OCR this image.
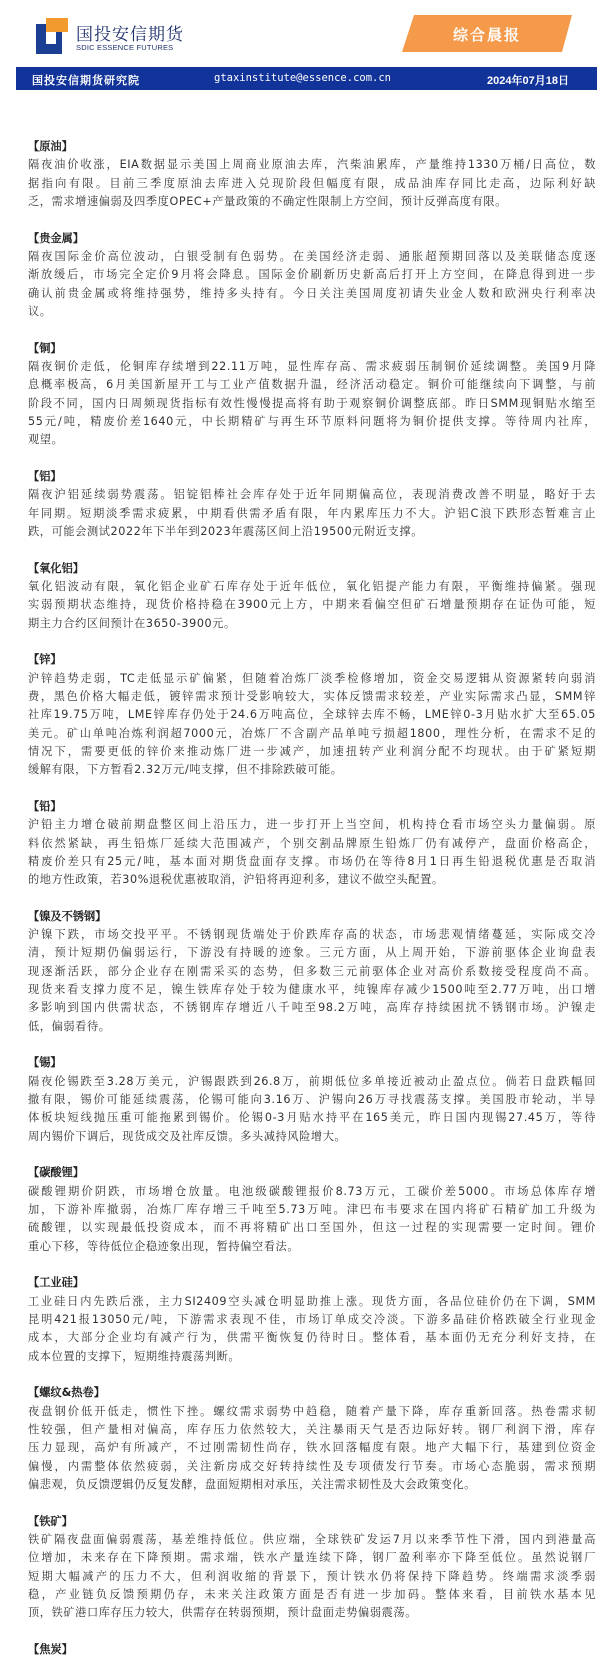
国投安信期货
SDIC ESSENCE FUTURES
综合晨报
国投安信期货研究院	gtaxinstitute@essence.com.cn	2024年07月18日
【原油】
隔夜油价收涨，EIA数据显示美国上周商业原油去库，汽柴油累库，产量维持1330万桶/日高位，数
据指向有限。目前三季度原油去库进入兑现阶段但幅度有限，成品油库存同比走高，边际利好缺
乏，需求增速偏弱及四季度OPEC+产量政策的不确定性限制上方空间，预计反弹高度有限。
【贵金属】
隔夜国际金价高位波动，白银受制有色弱势。在美国经济走弱、通胀超预期回落以及美联储态度逐
渐放缓后，市场完全定价9月将会降息。国际金价刷新历史新高后打开上方空间，在降息得到进一步
确认前贵金属或将维持强势，维持多头持有。今日关注美国周度初请失业金人数和欧洲央行利率决
议。
【铜】
隔夜铜价走低，伦铜库存续增到22.11万吨，显性库存高、需求疲弱压制铜价延续调整。美国9月降
息概率极高，6月美国新屋开工与工业产值数据升温，经济活动稳定。铜价可能继续向下调整，与前
阶段不同，国内日周频现货指标有效性慢慢提高将有助于观察铜价调整底部。昨日SMM现铜贴水缩至
55元/吨，精废价差1640元，中长期精矿与再生环节原料问题将为铜价提供支撑。等待周内社库，
观望。
【铝】
隔夜沪铝延续弱势震荡。铝锭铝棒社会库存处于近年同期偏高位，表现消费改善不明显，略好于去
年同期。短期淡季需求疲累，中期看供需矛盾有限，年内累库压力不大。沪铝C浪下跌形态暂难言止
跌，可能会测试2022年下半年到2023年震荡区间上沿19500元附近支撑。
【氧化铝】
氧化铝波动有限，氧化铝企业矿石库存处于近年低位，氧化铝提产能力有限，平衡维持偏紧。强现
实弱预期状态维持，现货价格持稳在3900元上方，中期来看偏空但矿石增量预期存在证伪可能，短
期主力合约区间预计在3650-3900元。
【锌】
沪锌趋势走弱，TC走低显示矿偏紧，但随着冶炼厂淡季检修增加，资金交易逻辑从资源紧转向弱消
费，黑色价格大幅走低，镀锌需求预计受影响较大，实体反馈需求较差，产业实际需求凸显，SMM锌
社库19.75万吨，LME锌库存仍处于24.6万吨高位，全球锌去库不畅，LME锌0-3月贴水扩大至65.05
美元。矿山单吨冶炼利润超7000元，冶炼厂不含副产品单吨亏损超1800，理性分析，在需求不足的
情况下，需要更低的锌价来推动炼厂进一步减产，加速扭转产业利润分配不均现状。由于矿紧短期
缓解有限，下方暂看2.32万元/吨支撑，但不排除跌破可能。
【铅】
沪铅主力增仓破前期盘整区间上沿压力，进一步打开上当空间，机构持仓看市场空头力量偏弱。原
料依然紧缺，再生铅炼厂延续大范围减产，个别交割品牌原生铅炼厂仍有减停产，盘面价格高企，
精废价差只有25元/吨，基本面对期货盘面存支撑。市场仍在等待8月1日再生铅退税优惠是否取消
的地方性政策，若30%退税优惠被取消，沪铅将再迎利多，建议不做空头配置。
【镍及不锈钢】
沪镍下跌，市场交投平平。不锈钢现货端处于价跌库存高的状态，市场悲观情绪蔓延，实际成交冷
清，预计短期仍偏弱运行，下游没有持暖的迹象。三元方面，从上周开始，下游前驱体企业询盘表
现逐渐活跃，部分企业存在刚需采买的态势，但多数三元前驱体企业对高价系数接受程度尚不高。
现货来看支撑力度不足，镍生铁库存处于较为健康水平，纯镍库存减少1500吨至2.77万吨，出口增
多影响到国内供需状态，不锈钢库存增近八千吨至98.2万吨，高库存持续困扰不锈钢市场。沪镍走
低，偏弱看待。
【锡】
隔夜伦锡跌至3.28万美元，沪锡跟跌到26.8万，前期低位多单接近被动止盈点位。倘若日盘跌幅回
撤有限，锡价可能延续震荡，伦锡可能向3.16万、沪锡向26万寻找震荡支撑。美国股市轮动，半导
体板块短线抛压重可能拖累到锡价。伦锡0-3月贴水持平在165美元，昨日国内现锡27.45万，等待
周内锡价下调后，现货成交及社库反馈。多头减持风险增大。
【碳酸锂】
碳酸锂期价阴跌，市场增仓放量。电池级碳酸锂报价8.73万元，工碳价差5000。市场总体库存增
加，下游补库撤弱，冶炼厂库存增三千吨至5.73万吨。津巴布韦要求在国内将矿石精矿加工升级为
硫酸锂，以实现最低投资成本，而不再将精矿出口至国外，但这一过程的实现需要一定时间。锂价
重心下移，等待低位企稳迹象出现，暂持偏空看法。
【工业硅】
工业硅日内先跌后涨，主力SI2409空头减仓明显助推上涨。现货方面，各品位硅价仍在下调，SMM
昆明421报13050元/吨，下游需求表现不佳，市场订单成交冷淡。下游多晶硅价格跌破全行业现金
成本，大部分企业均有减产行为，供需平衡恢复仍待时日。整体看，基本面仍无充分利好支持，在
成本位置的支撑下，短期维持震荡判断。
【螺纹&热卷】
夜盘钢价低开低走，惯性下挫。螺纹需求弱势中趋稳，随着产量下降，库存重新回落。热卷需求韧
性较强，但产量相对偏高，库存压力依然较大，关注暴雨天气是否边际好转。钢厂利润下滑，库存
压力显现，高炉有所减产，不过刚需韧性尚存，铁水回落幅度有限。地产大幅下行，基建到位资金
偏慢，内需整体依然疲弱，关注新房成交好转持续性及专项债发行节奏。市场心态脆弱，需求预期
偏悲观，负反馈逻辑仍反复发酵，盘面短期相对承压，关注需求韧性及大会政策变化。
【铁矿】
铁矿隔夜盘面偏弱震荡，基差维持低位。供应端，全球铁矿发运7月以来季节性下滑，国内到港量高
位增加，未来存在下降预期。需求端，铁水产量连续下降，钢厂盈利率亦下降至低位。虽然说钢厂
短期大幅减产的压力不大，但利润收缩的背景下，预计铁水仍将保持下降趋势。终端需求淡季弱
稳，产业链负反馈预期仍存，未来关注政策方面是否有进一步加码。整体来看，目前铁水基本见
顶，铁矿港口库存压力较大，供需存在转弱预期，预计盘面走势偏弱震荡。
【焦炭】
